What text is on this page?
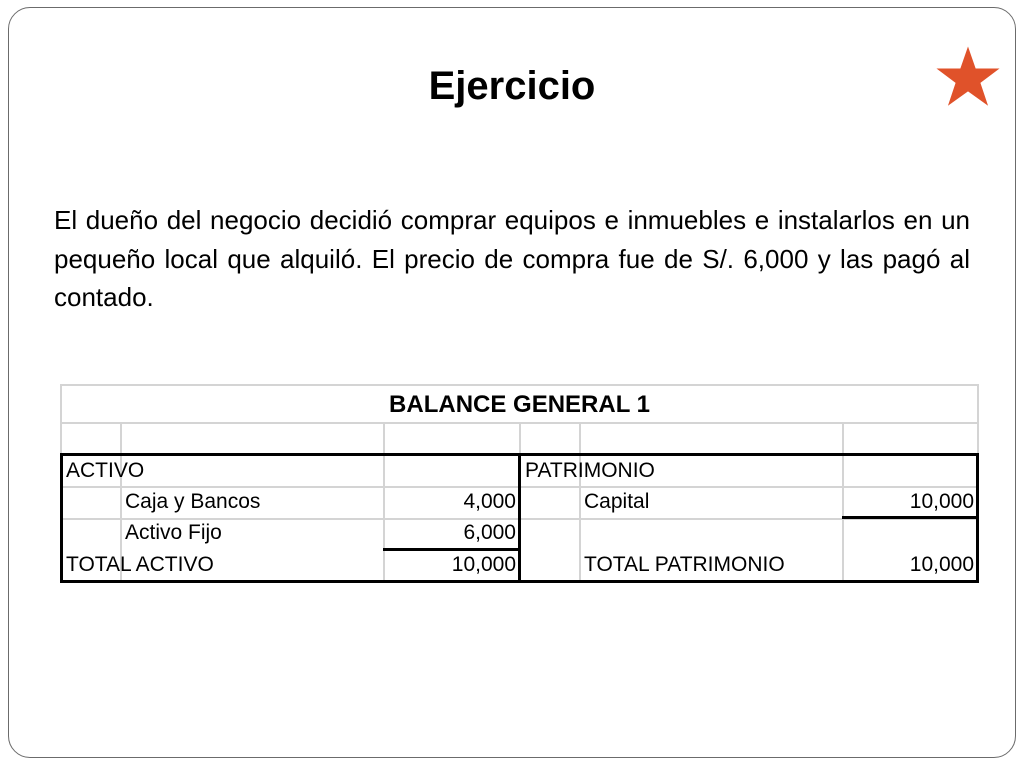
Ejercicio
El dueño del negocio decidió comprar equipos e inmuebles e instalarlos en un pequeño local que alquiló. El precio de compra fue de S/. 6,000 y las pagó al contado.
BALANCE GENERAL 1
ACTIVO	PATRIMONIO
Caja y Bancos	4,000	Capital	10,000
Activo Fijo	6,000
TOTAL ACTIVO	10,000	TOTAL PATRIMONIO	10,000
